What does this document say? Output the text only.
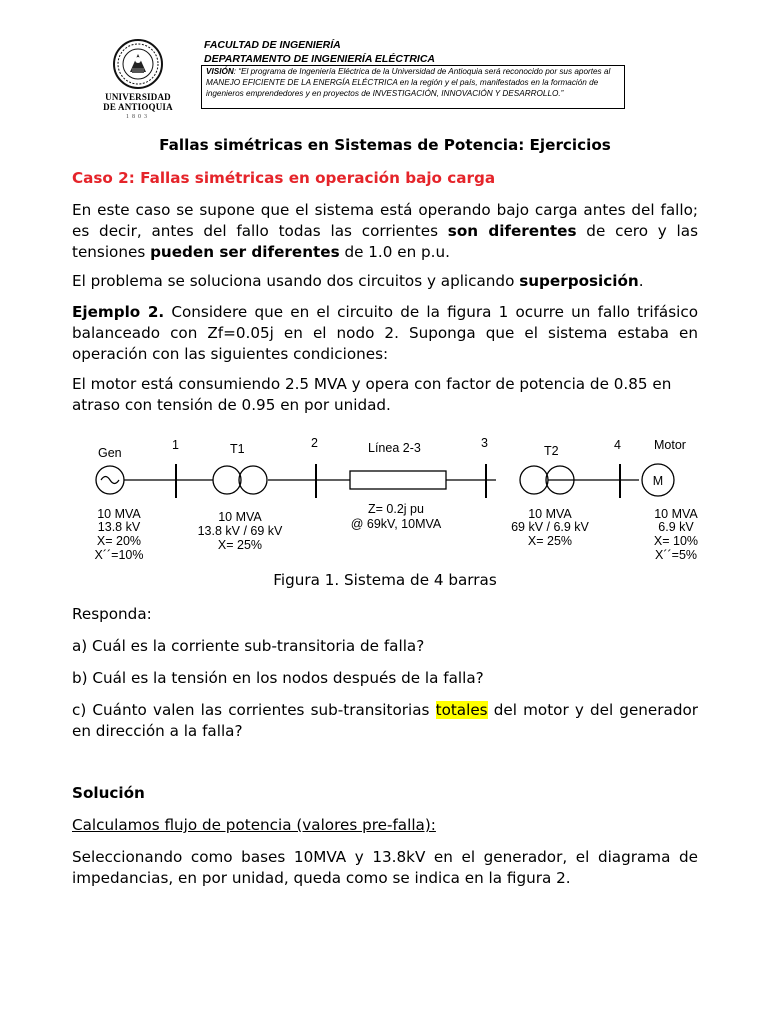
UNIVERSIDAD
DE ANTIOQUIA
1803
FACULTAD DE INGENIERÍA
DEPARTAMENTO DE INGENIERÍA ELÉCTRICA
VISIÓN: “El programa de Ingeniería Eléctrica de la Universidad de Antioquia será reconocido por sus aportes al MANEJO EFICIENTE DE LA ENERGÍA ELÉCTRICA en la región y el país, manifestados en la formación de ingenieros emprendedores y en proyectos de INVESTIGACIÓN, INNOVACIÓN Y DESARROLLO.”
Fallas simétricas en Sistemas de Potencia: Ejercicios
Caso 2: Fallas simétricas en operación bajo carga
En este caso se supone que el sistema está operando bajo carga antes del fallo; es decir, antes del fallo todas las corrientes son diferentes de cero y las tensiones pueden ser diferentes de 1.0 en p.u.
El problema se soluciona usando dos circuitos y aplicando superposición.
Ejemplo 2. Considere que en el circuito de la figura 1 ocurre un fallo trifásico balanceado con Zf=0.05j en el nodo 2. Suponga que el sistema estaba en operación con las siguientes condiciones:
El motor está consumiendo 2.5 MVA y opera con factor de potencia de 0.85 en atraso con tensión de 0.95 en por unidad.
M
Gen
1	T1	2	Línea 2-3	3
T2	4	Motor
10 MVA
13.8 kV
X= 20%
X´´=10%
10 MVA
13.8 kV / 69 kV
X= 25%
Z= 0.2j pu
@ 69kV, 10MVA
10 MVA
69 kV / 6.9 kV
X= 25%
10 MVA
6.9 kV
X= 10%
X´´=5%
Figura 1. Sistema de 4 barras
Responda:
a) Cuál es la corriente sub-transitoria de falla?
b) Cuál es la tensión en los nodos después de la falla?
c) Cuánto valen las corrientes sub-transitorias totales del motor y del generador en dirección a la falla?
Solución
Calculamos flujo de potencia (valores pre-falla):
Seleccionando como bases 10MVA y 13.8kV en el generador, el diagrama de impedancias, en por unidad, queda como se indica en la figura 2.
